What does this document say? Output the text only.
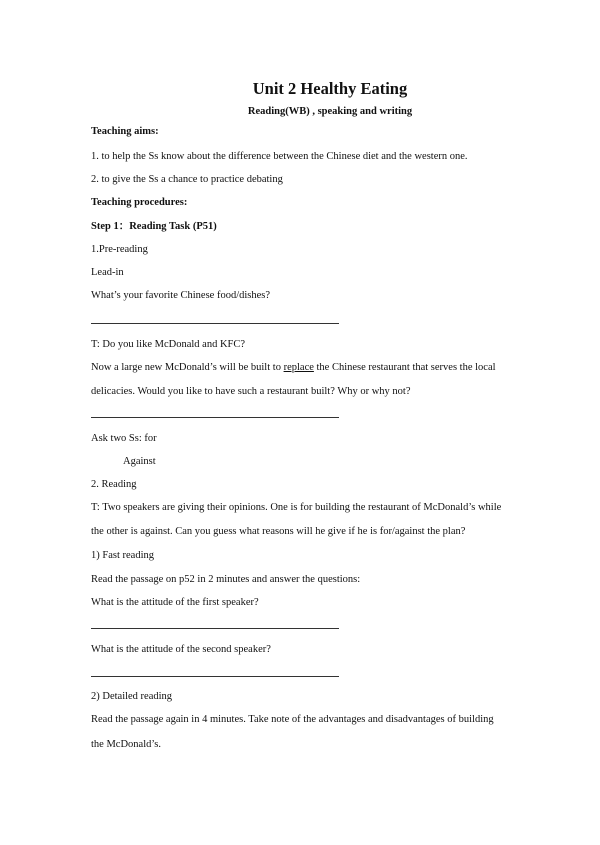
Unit 2 Healthy Eating
Reading(WB) , speaking and writing
Teaching aims:
1. to help the Ss know about the difference between the Chinese diet and the western one.
2. to give the Ss a chance to practice debating
Teaching procedures:
Step 1：Reading Task (P51)
1.Pre-reading
Lead-in
What’s your favorite Chinese food/dishes?
T: Do you like McDonald and KFC?
Now a large new McDonald’s will be built to replace the Chinese restaurant that serves the local
delicacies. Would you like to have such a restaurant built? Why or why not?
Ask two Ss: for
Against
2. Reading
T: Two speakers are giving their opinions. One is for building the restaurant of McDonald’s while
the other is against. Can you guess what reasons will he give if he is for/against the plan?
1) Fast reading
Read the passage on p52 in 2 minutes and answer the questions:
What is the attitude of the first speaker?
What is the attitude of the second speaker?
2) Detailed reading
Read the passage again in 4 minutes. Take note of the advantages and disadvantages of building
the McDonald’s.
